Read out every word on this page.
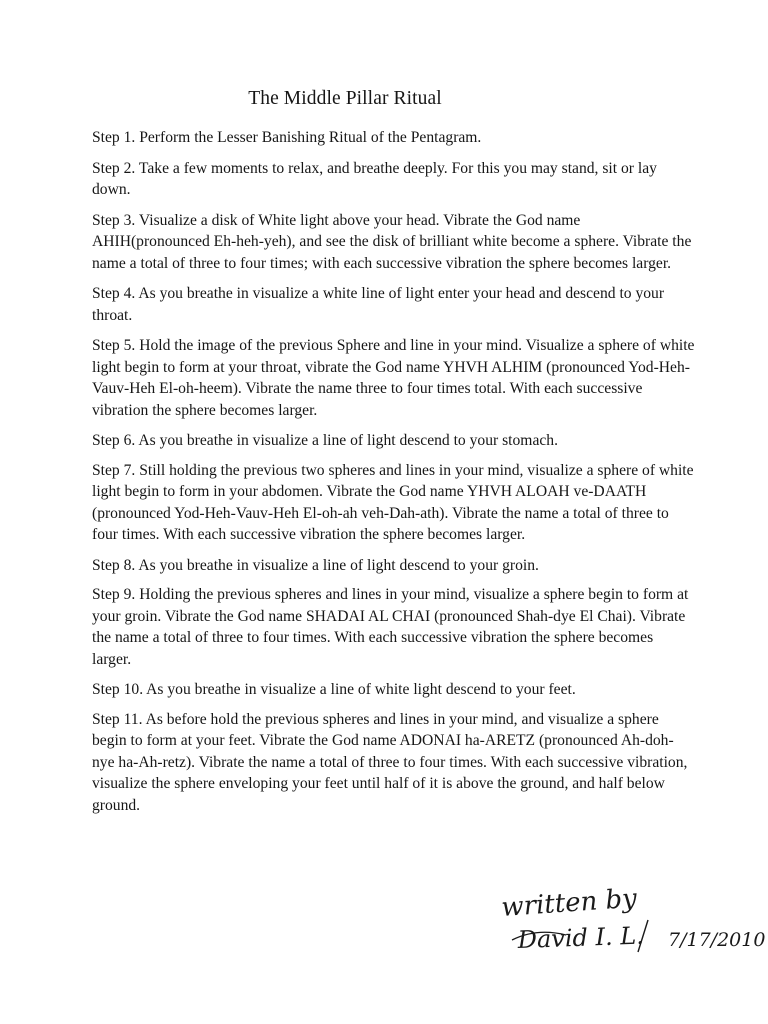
The Middle Pillar Ritual

Step 1. Perform the Lesser Banishing Ritual of the Pentagram.

Step 2. Take a few moments to relax, and breathe deeply. For this you may stand, sit or lay down.

Step 3. Visualize a disk of White light above your head. Vibrate the God name AHIH(pronounced Eh-heh-yeh), and see the disk of brilliant white become a sphere. Vibrate the name a total of three to four times; with each successive vibration the sphere becomes larger.

Step 4. As you breathe in visualize a white line of light enter your head and descend to your throat.

Step 5. Hold the image of the previous Sphere and line in your mind. Visualize a sphere of white light begin to form at your throat, vibrate the God name YHVH ALHIM (pronounced Yod-Heh-Vauv-Heh El-oh-heem). Vibrate the name three to four times total. With each successive vibration the sphere becomes larger.

Step 6. As you breathe in visualize a line of light descend to your stomach.

Step 7. Still holding the previous two spheres and lines in your mind, visualize a sphere of white light begin to form in your abdomen. Vibrate the God name YHVH ALOAH ve-DAATH (pronounced Yod-Heh-Vauv-Heh El-oh-ah veh-Dah-ath). Vibrate the name a total of three to four times. With each successive vibration the sphere becomes larger.

Step 8. As you breathe in visualize a line of light descend to your groin.

Step 9. Holding the previous spheres and lines in your mind, visualize a sphere begin to form at your groin. Vibrate the God name SHADAI AL CHAI (pronounced Shah-dye El Chai). Vibrate the name a total of three to four times. With each successive vibration the sphere becomes larger.

Step 10. As you breathe in visualize a line of white light descend to your feet.

Step 11. As before hold the previous spheres and lines in your mind, and visualize a sphere begin to form at your feet. Vibrate the God name ADONAI ha-ARETZ (pronounced Ah-doh-nye ha-Ah-retz). Vibrate the name a total of three to four times. With each successive vibration, visualize the sphere enveloping your feet until half of it is above the ground, and half below ground.

written by
David I. L. 7/17/2010
